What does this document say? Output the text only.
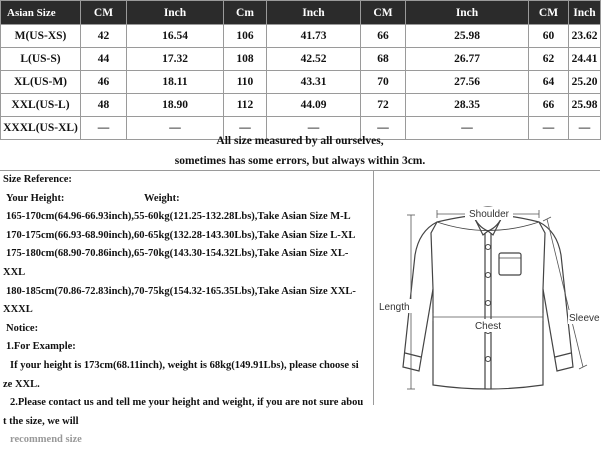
Asian Size	CM	Inch	Cm	Inch	CM	Inch	CM	Inch
M(US-XS)	42	16.54	106	41.73	66	25.98	60	23.62
L(US-S)	44	17.32	108	42.52	68	26.77	62	24.41
XL(US-M)	46	18.11	110	43.31	70	27.56	64	25.20
XXL(US-L)	48	18.90	112	44.09	72	28.35	66	25.98
XXXL(US-XL)	—	—	—	—	—	—	—	—
All size measured by all ourselves,
sometimes has some errors, but always within 3cm.
Size Reference:
Your Height:	Weight:
165-170cm(64.96-66.93inch),55-60kg(121.25-132.28Lbs),Take Asian Size M-L
170-175cm(66.93-68.90inch),60-65kg(132.28-143.30Lbs),Take Asian Size L-XL
175-180cm(68.90-70.86inch),65-70kg(143.30-154.32Lbs),Take Asian Size XL-
XXL
180-185cm(70.86-72.83inch),70-75kg(154.32-165.35Lbs),Take Asian Size XXL-
XXXL
Notice:
1.For Example:
If your height is 173cm(68.11inch), weight is 68kg(149.91Lbs), please choose si
ze XXL.
2.Please contact us and tell me your height and weight, if you are not sure abou
t the size, we will
recommend size
Shoulder
Length
Chest
Sleeve
